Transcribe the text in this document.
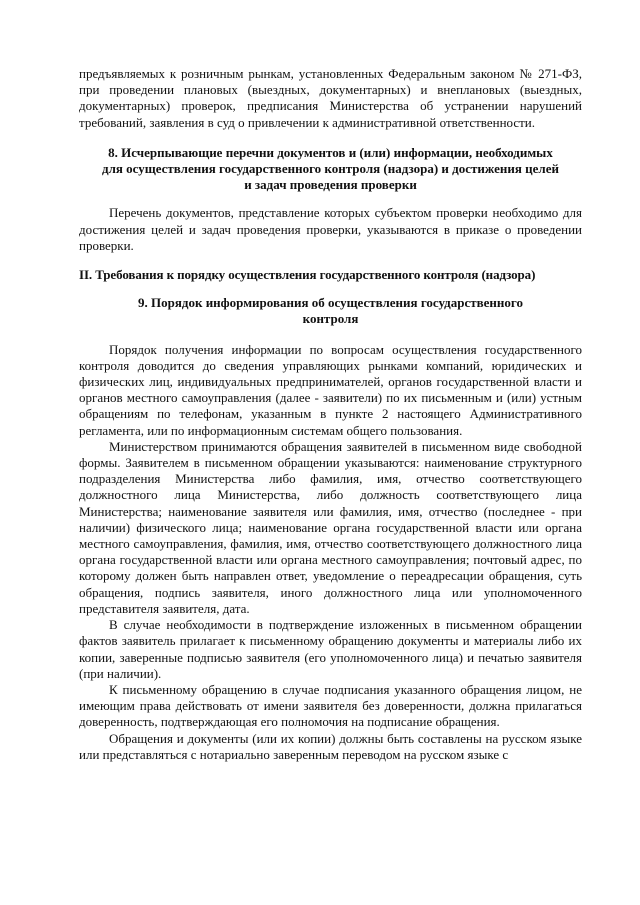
предъявляемых к розничным рынкам, установленных Федеральным законом № 271-ФЗ, при проведении плановых (выездных, документарных) и внеплановых (выездных, документарных) проверок, предписания Министерства об устранении нарушений требований, заявления в суд о привлечении к административной ответственности.

8. Исчерпывающие перечни документов и (или) информации, необходимых для осуществления государственного контроля (надзора) и достижения целей и задач проведения проверки

Перечень документов, представление которых субъектом проверки необходимо для достижения целей и задач проведения проверки, указываются в приказе о проведении проверки.

II. Требования к порядку осуществления государственного контроля (надзора)

9. Порядок информирования об осуществления государственного контроля

Порядок получения информации по вопросам осуществления государственного контроля доводится до сведения управляющих рынками компаний, юридических и физических лиц, индивидуальных предпринимателей, органов государственной власти и органов местного самоуправления (далее - заявители) по их письменным и (или) устным обращениям по телефонам, указанным в пункте 2 настоящего Административного регламента, или по информационным системам общего пользования.

Министерством принимаются обращения заявителей в письменном виде свободной формы. Заявителем в письменном обращении указываются: наименование структурного подразделения Министерства либо фамилия, имя, отчество соответствующего должностного лица Министерства, либо должность соответствующего лица Министерства; наименование заявителя или фамилия, имя, отчество (последнее - при наличии) физического лица; наименование органа государственной власти или органа местного самоуправления, фамилия, имя, отчество соответствующего должностного лица органа государственной власти или органа местного самоуправления; почтовый адрес, по которому должен быть направлен ответ, уведомление о переадресации обращения, суть обращения, подпись заявителя, иного должностного лица или уполномоченного представителя заявителя, дата.

В случае необходимости в подтверждение изложенных в письменном обращении фактов заявитель прилагает к письменному обращению документы и материалы либо их копии, заверенные подписью заявителя (его уполномоченного лица) и печатью заявителя (при наличии).

К письменному обращению в случае подписания указанного обращения лицом, не имеющим права действовать от имени заявителя без доверенности, должна прилагаться доверенность, подтверждающая его полномочия на подписание обращения.

Обращения и документы (или их копии) должны быть составлены на русском языке или представляться с нотариально заверенным переводом на русском языке с
